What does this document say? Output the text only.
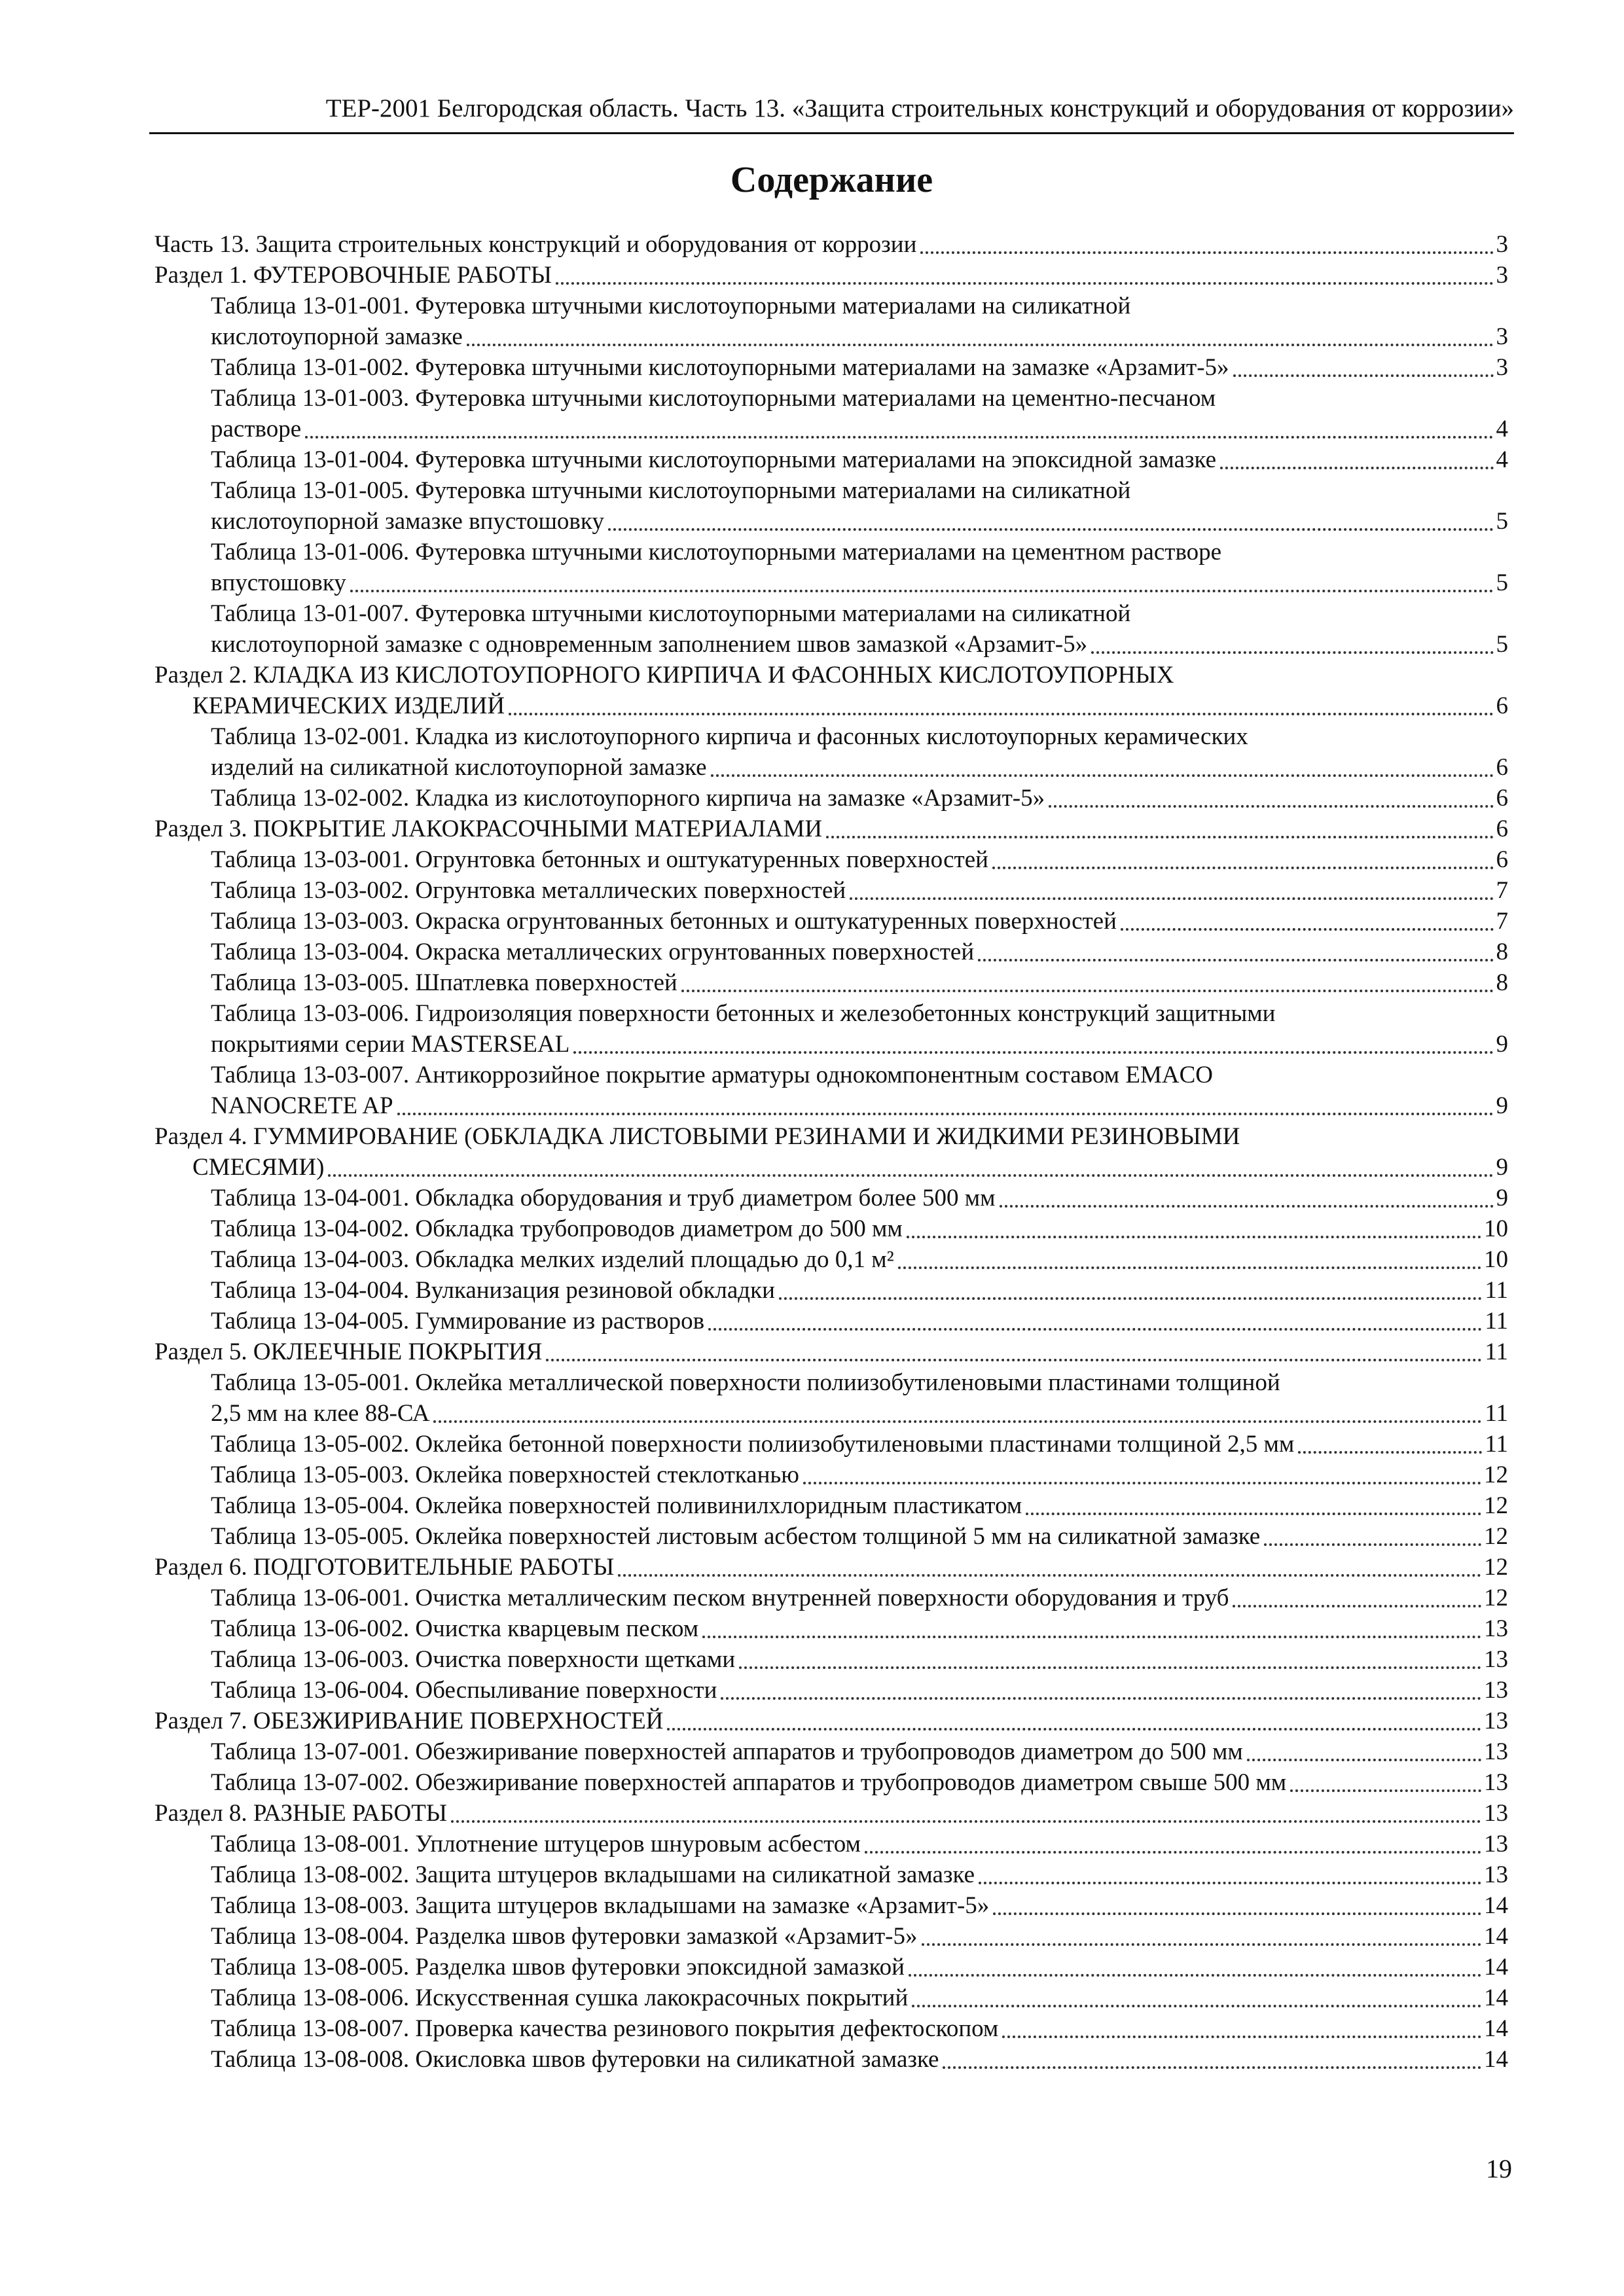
ТЕР-2001 Белгородская область. Часть 13. «Защита строительных конструкций и оборудования от коррозии»
Содержание
Часть 13. Защита строительных конструкций и оборудования от коррозии	3
Раздел 1. ФУТЕРОВОЧНЫЕ РАБОТЫ	3
Таблица 13-01-001. Футеровка штучными кислотоупорными материалами на силикатной
кислотоупорной замазке	3
Таблица 13-01-002. Футеровка штучными кислотоупорными материалами на замазке «Арзамит-5»	3
Таблица 13-01-003. Футеровка штучными кислотоупорными материалами на цементно-песчаном
растворе	4
Таблица 13-01-004. Футеровка штучными кислотоупорными материалами на эпоксидной замазке	4
Таблица 13-01-005. Футеровка штучными кислотоупорными материалами на силикатной
кислотоупорной замазке впустошовку	5
Таблица 13-01-006. Футеровка штучными кислотоупорными материалами на цементном растворе
впустошовку	5
Таблица 13-01-007. Футеровка штучными кислотоупорными материалами на силикатной
кислотоупорной замазке с одновременным заполнением швов замазкой «Арзамит-5»	5
Раздел 2. КЛАДКА ИЗ КИСЛОТОУПОРНОГО КИРПИЧА И ФАСОННЫХ КИСЛОТОУПОРНЫХ
КЕРАМИЧЕСКИХ ИЗДЕЛИЙ	6
Таблица 13-02-001. Кладка из кислотоупорного кирпича и фасонных кислотоупорных керамических
изделий на силикатной кислотоупорной замазке	6
Таблица 13-02-002. Кладка из кислотоупорного кирпича на замазке «Арзамит-5»	6
Раздел 3. ПОКРЫТИЕ ЛАКОКРАСОЧНЫМИ МАТЕРИАЛАМИ	6
Таблица 13-03-001. Огрунтовка бетонных и оштукатуренных поверхностей	6
Таблица 13-03-002. Огрунтовка металлических поверхностей	7
Таблица 13-03-003. Окраска огрунтованных бетонных и оштукатуренных поверхностей	7
Таблица 13-03-004. Окраска металлических огрунтованных поверхностей	8
Таблица 13-03-005. Шпатлевка поверхностей	8
Таблица 13-03-006. Гидроизоляция поверхности бетонных и железобетонных конструкций защитными
покрытиями серии MASTERSEAL	9
Таблица 13-03-007. Антикоррозийное покрытие арматуры однокомпонентным составом EMACO
NANOCRETE AP	9
Раздел 4. ГУММИРОВАНИЕ (ОБКЛАДКА ЛИСТОВЫМИ РЕЗИНАМИ И ЖИДКИМИ РЕЗИНОВЫМИ
СМЕСЯМИ)	9
Таблица 13-04-001. Обкладка оборудования и труб диаметром более 500 мм	9
Таблица 13-04-002. Обкладка трубопроводов диаметром до 500 мм	10
Таблица 13-04-003. Обкладка мелких изделий площадью до 0,1 м²	10
Таблица 13-04-004. Вулканизация резиновой обкладки	11
Таблица 13-04-005. Гуммирование из растворов	11
Раздел 5. ОКЛЕЕЧНЫЕ ПОКРЫТИЯ	11
Таблица 13-05-001. Оклейка металлической поверхности полиизобутиленовыми пластинами толщиной
2,5 мм на клее 88-СА	11
Таблица 13-05-002. Оклейка бетонной поверхности полиизобутиленовыми пластинами толщиной 2,5 мм	11
Таблица 13-05-003. Оклейка поверхностей стеклотканью	12
Таблица 13-05-004. Оклейка поверхностей поливинилхлоридным пластикатом	12
Таблица 13-05-005. Оклейка поверхностей листовым асбестом толщиной 5 мм на силикатной замазке	12
Раздел 6. ПОДГОТОВИТЕЛЬНЫЕ РАБОТЫ	12
Таблица 13-06-001. Очистка металлическим песком внутренней поверхности оборудования и труб	12
Таблица 13-06-002. Очистка кварцевым песком	13
Таблица 13-06-003. Очистка поверхности щетками	13
Таблица 13-06-004. Обеспыливание поверхности	13
Раздел 7. ОБЕЗЖИРИВАНИЕ ПОВЕРХНОСТЕЙ	13
Таблица 13-07-001. Обезжиривание поверхностей аппаратов и трубопроводов диаметром до 500 мм	13
Таблица 13-07-002. Обезжиривание поверхностей аппаратов и трубопроводов диаметром свыше 500 мм	13
Раздел 8. РАЗНЫЕ РАБОТЫ	13
Таблица 13-08-001. Уплотнение штуцеров шнуровым асбестом	13
Таблица 13-08-002. Защита штуцеров вкладышами на силикатной замазке	13
Таблица 13-08-003. Защита штуцеров вкладышами на замазке «Арзамит-5»	14
Таблица 13-08-004. Разделка швов футеровки замазкой «Арзамит-5»	14
Таблица 13-08-005. Разделка швов футеровки эпоксидной замазкой	14
Таблица 13-08-006. Искусственная сушка лакокрасочных покрытий	14
Таблица 13-08-007. Проверка качества резинового покрытия дефектоскопом	14
Таблица 13-08-008. Окисловка швов футеровки на силикатной замазке	14
19
